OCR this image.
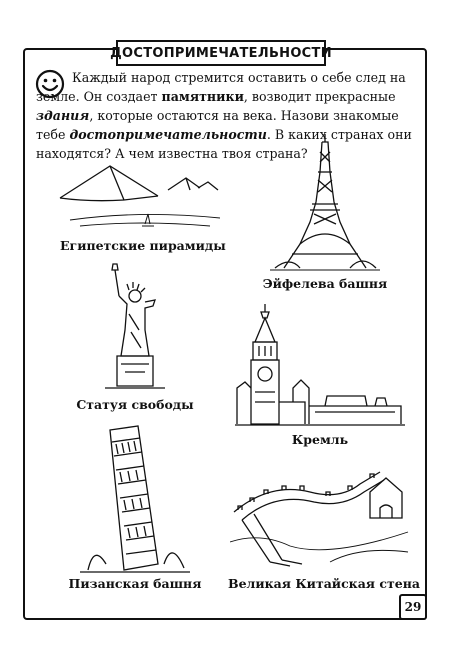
ДОСТОПРИМЕЧАТЕЛЬНОСТИ

Каждый народ стремится оставить о себе след на земле. Он создает памятники, возводит прекрасные здания, которые остаются на века. Назови знакомые тебе достопримечательности. В каких странах они находятся? А чем известна твоя страна?

Египетские пирамиды
Эйфелева башня
Статуя свободы
Кремль
Пизанская башня	Великая Китайская стена
29
